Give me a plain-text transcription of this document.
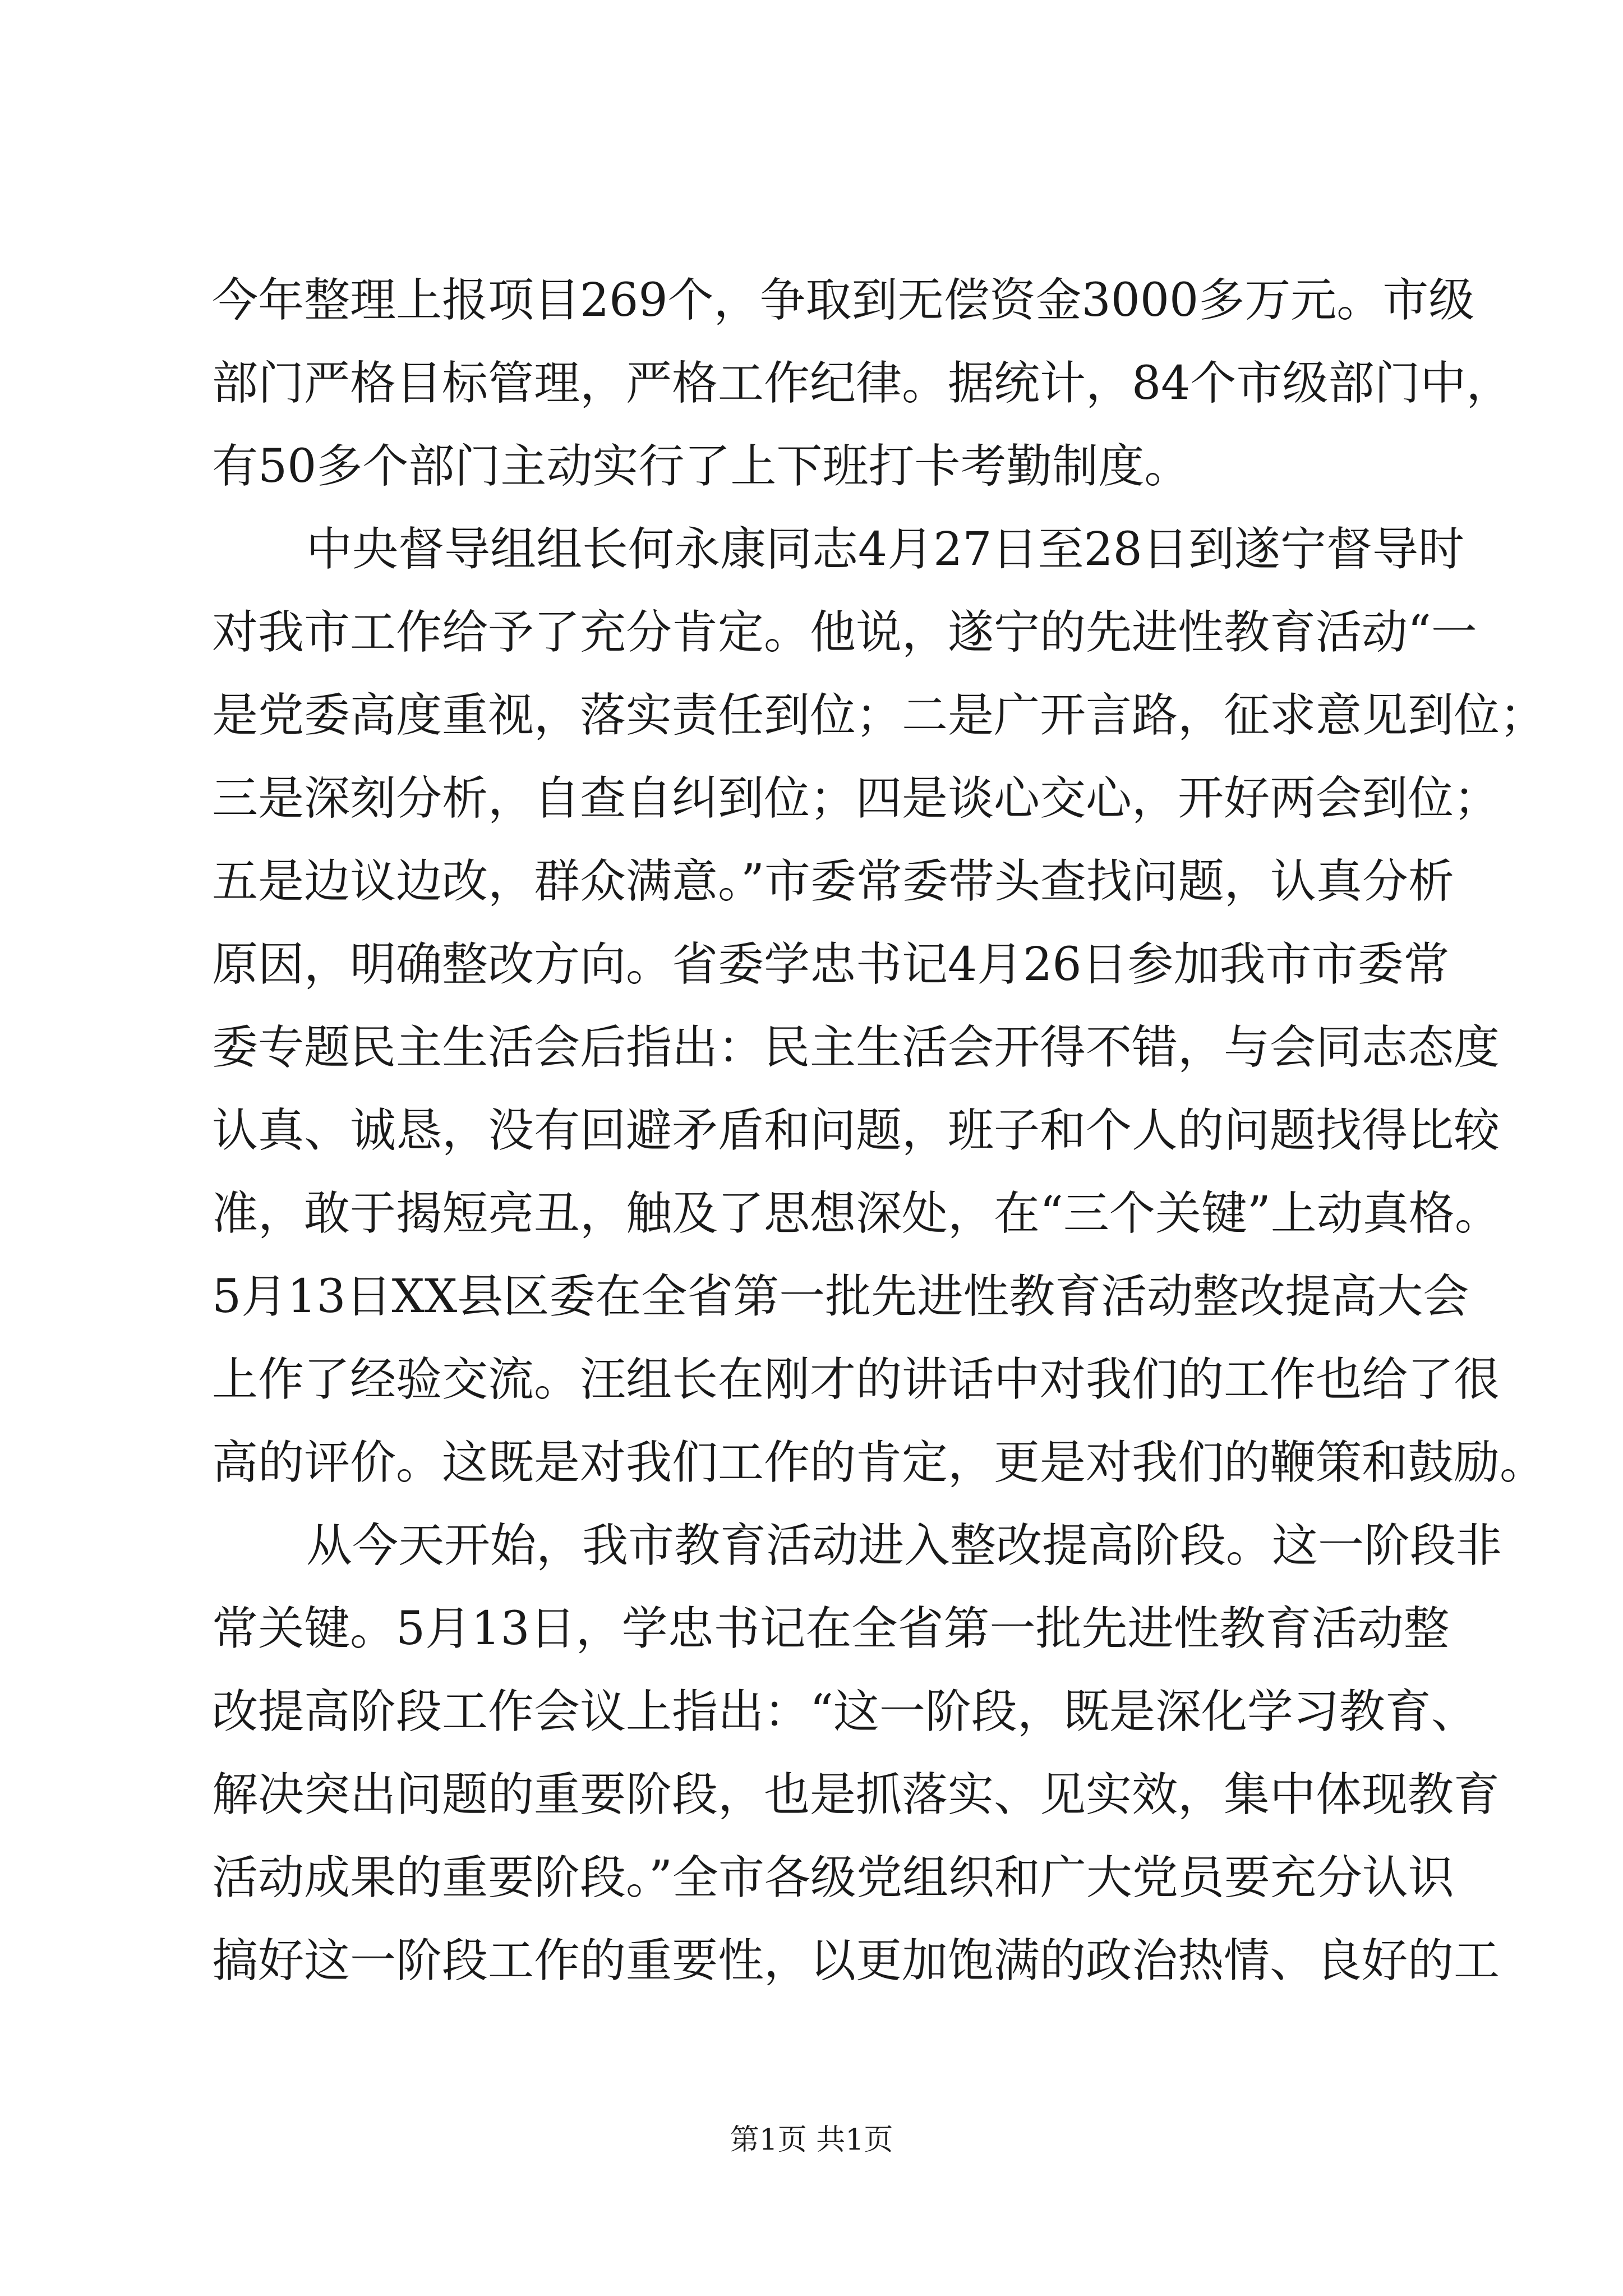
今年整理上报项目269个，争取到无偿资金3000多万元。市级
部门严格目标管理，严格工作纪律。据统计，84个市级部门中，
有50多个部门主动实行了上下班打卡考勤制度。
中央督导组组长何永康同志4月27日至28日到遂宁督导时
对我市工作给予了充分肯定。他说，遂宁的先进性教育活动“一
是党委高度重视，落实责任到位；二是广开言路，征求意见到位；
三是深刻分析，自查自纠到位；四是谈心交心，开好两会到位；
五是边议边改，群众满意。”市委常委带头查找问题，认真分析
原因，明确整改方向。省委学忠书记4月26日参加我市市委常
委专题民主生活会后指出：民主生活会开得不错，与会同志态度
认真、诚恳，没有回避矛盾和问题，班子和个人的问题找得比较
准，敢于揭短亮丑，触及了思想深处，在“三个关键”上动真格。
5月13日XX县区委在全省第一批先进性教育活动整改提高大会
上作了经验交流。汪组长在刚才的讲话中对我们的工作也给了很
高的评价。这既是对我们工作的肯定，更是对我们的鞭策和鼓励。
从今天开始，我市教育活动进入整改提高阶段。这一阶段非
常关键。5月13日，学忠书记在全省第一批先进性教育活动整
改提高阶段工作会议上指出：“这一阶段，既是深化学习教育、
解决突出问题的重要阶段，也是抓落实、见实效，集中体现教育
活动成果的重要阶段。”全市各级党组织和广大党员要充分认识
搞好这一阶段工作的重要性，以更加饱满的政治热情、良好的工
第1页 共1页
